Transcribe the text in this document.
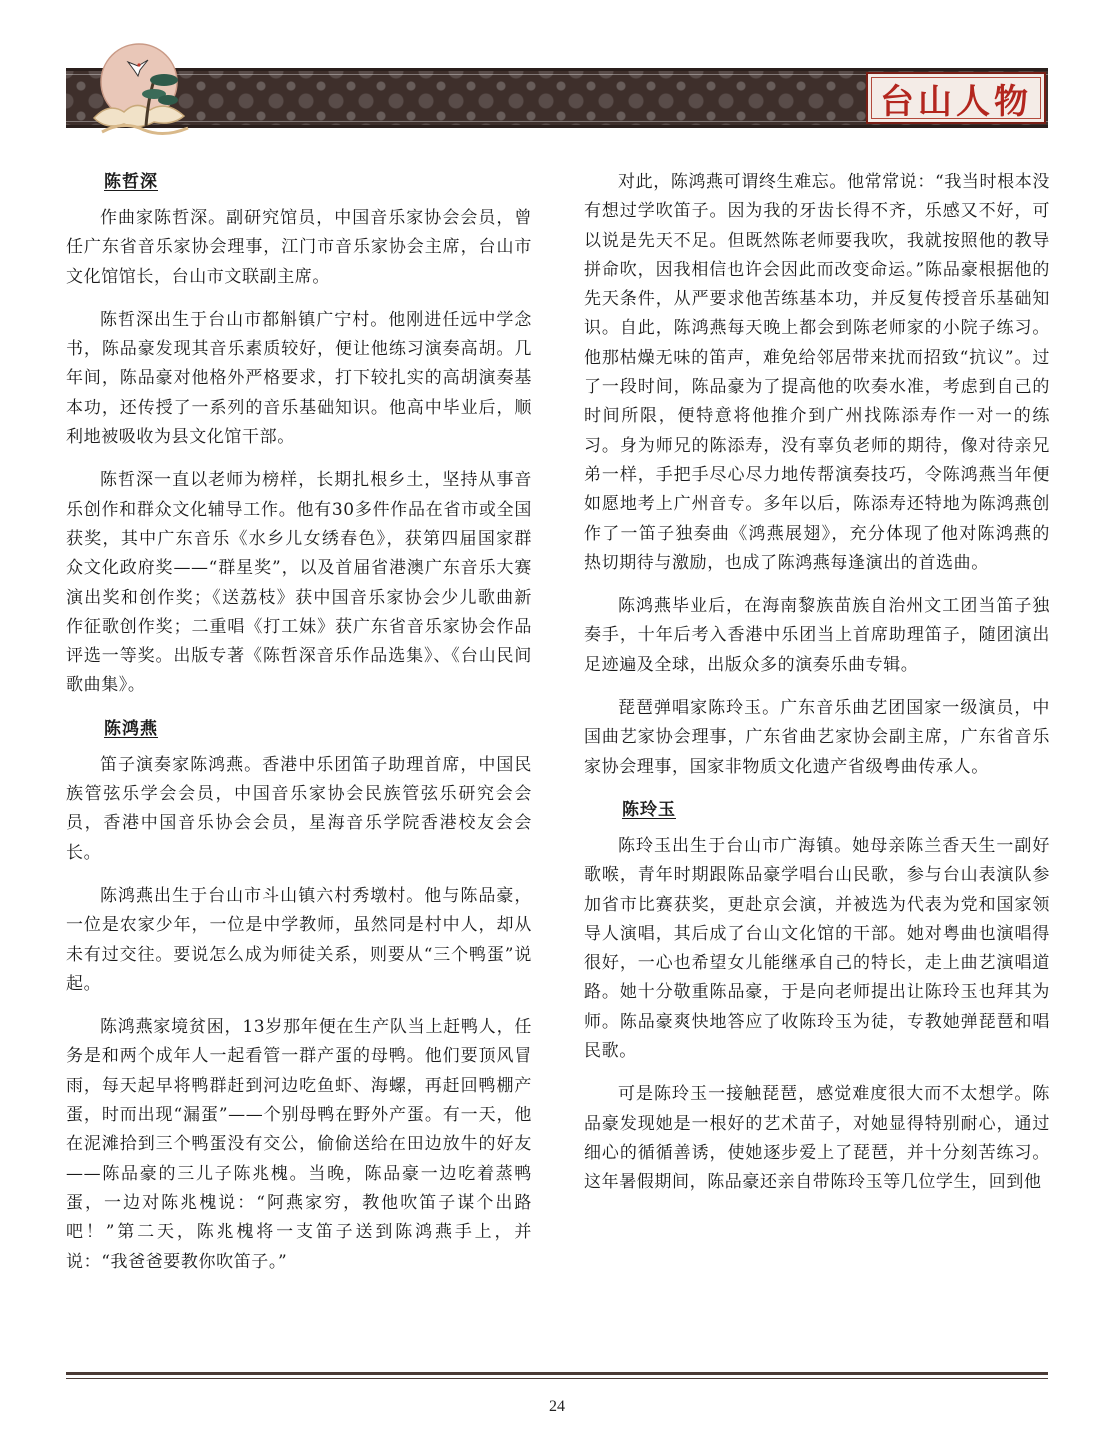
台山人物
陈哲深

作曲家陈哲深。副研究馆员，中国音乐家协会会员，曾任广东省音乐家协会理事，江门市音乐家协会主席，台山市文化馆馆长，台山市文联副主席。

陈哲深出生于台山市都斛镇广宁村。他刚进任远中学念书，陈品豪发现其音乐素质较好，便让他练习演奏高胡。几年间，陈品豪对他格外严格要求，打下较扎实的高胡演奏基本功，还传授了一系列的音乐基础知识。他高中毕业后，顺利地被吸收为县文化馆干部。

陈哲深一直以老师为榜样，长期扎根乡土，坚持从事音乐创作和群众文化辅导工作。他有30多件作品在省市或全国获奖，其中广东音乐《水乡儿女绣春色》，获第四届国家群众文化政府奖——“群星奖”，以及首届省港澳广东音乐大赛演出奖和创作奖；《送荔枝》获中国音乐家协会少儿歌曲新作征歌创作奖；二重唱《打工妹》获广东省音乐家协会作品评选一等奖。出版专著《陈哲深音乐作品选集》、《台山民间歌曲集》。

陈鸿燕

笛子演奏家陈鸿燕。香港中乐团笛子助理首席，中国民族管弦乐学会会员，中国音乐家协会民族管弦乐研究会会员，香港中国音乐协会会员，星海音乐学院香港校友会会长。

陈鸿燕出生于台山市斗山镇六村秀墩村。他与陈品豪，一位是农家少年，一位是中学教师，虽然同是村中人，却从未有过交往。要说怎么成为师徒关系，则要从“三个鸭蛋”说起。

陈鸿燕家境贫困，13岁那年便在生产队当上赶鸭人，任务是和两个成年人一起看管一群产蛋的母鸭。他们要顶风冒雨，每天起早将鸭群赶到河边吃鱼虾、海螺，再赶回鸭棚产蛋，时而出现“漏蛋”——个别母鸭在野外产蛋。有一天，他在泥滩拾到三个鸭蛋没有交公，偷偷送给在田边放牛的好友——陈品豪的三儿子陈兆槐。当晚，陈品豪一边吃着蒸鸭蛋，一边对陈兆槐说：“阿燕家穷，教他吹笛子谋个出路吧！”第二天，陈兆槐将一支笛子送到陈鸿燕手上，并说：“我爸爸要教你吹笛子。”

对此，陈鸿燕可谓终生难忘。他常常说：“我当时根本没有想过学吹笛子。因为我的牙齿长得不齐，乐感又不好，可以说是先天不足。但既然陈老师要我吹，我就按照他的教导拼命吹，因我相信也许会因此而改变命运。”陈品豪根据他的先天条件，从严要求他苦练基本功，并反复传授音乐基础知识。自此，陈鸿燕每天晚上都会到陈老师家的小院子练习。他那枯燥无味的笛声，难免给邻居带来扰而招致“抗议”。过了一段时间，陈品豪为了提高他的吹奏水准，考虑到自己的时间所限，便特意将他推介到广州找陈添寿作一对一的练习。身为师兄的陈添寿，没有辜负老师的期待，像对待亲兄弟一样，手把手尽心尽力地传帮演奏技巧，令陈鸿燕当年便如愿地考上广州音专。多年以后，陈添寿还特地为陈鸿燕创作了一笛子独奏曲《鸿燕展翅》，充分体现了他对陈鸿燕的热切期待与激励，也成了陈鸿燕每逢演出的首选曲。

陈鸿燕毕业后，在海南黎族苗族自治州文工团当笛子独奏手，十年后考入香港中乐团当上首席助理笛子，随团演出足迹遍及全球，出版众多的演奏乐曲专辑。

琵琶弹唱家陈玲玉。广东音乐曲艺团国家一级演员，中国曲艺家协会理事，广东省曲艺家协会副主席，广东省音乐家协会理事，国家非物质文化遗产省级粤曲传承人。

陈玲玉

陈玲玉出生于台山市广海镇。她母亲陈兰香天生一副好歌喉，青年时期跟陈品豪学唱台山民歌，参与台山表演队参加省市比赛获奖，更赴京会演，并被选为代表为党和国家领导人演唱，其后成了台山文化馆的干部。她对粤曲也演唱得很好，一心也希望女儿能继承自己的特长，走上曲艺演唱道路。她十分敬重陈品豪，于是向老师提出让陈玲玉也拜其为师。陈品豪爽快地答应了收陈玲玉为徒，专教她弹琵琶和唱民歌。

可是陈玲玉一接触琵琶，感觉难度很大而不太想学。陈品豪发现她是一根好的艺术苗子，对她显得特别耐心，通过细心的循循善诱，使她逐步爱上了琵琶，并十分刻苦练习。这年暑假期间，陈品豪还亲自带陈玲玉等几位学生，回到他

24
